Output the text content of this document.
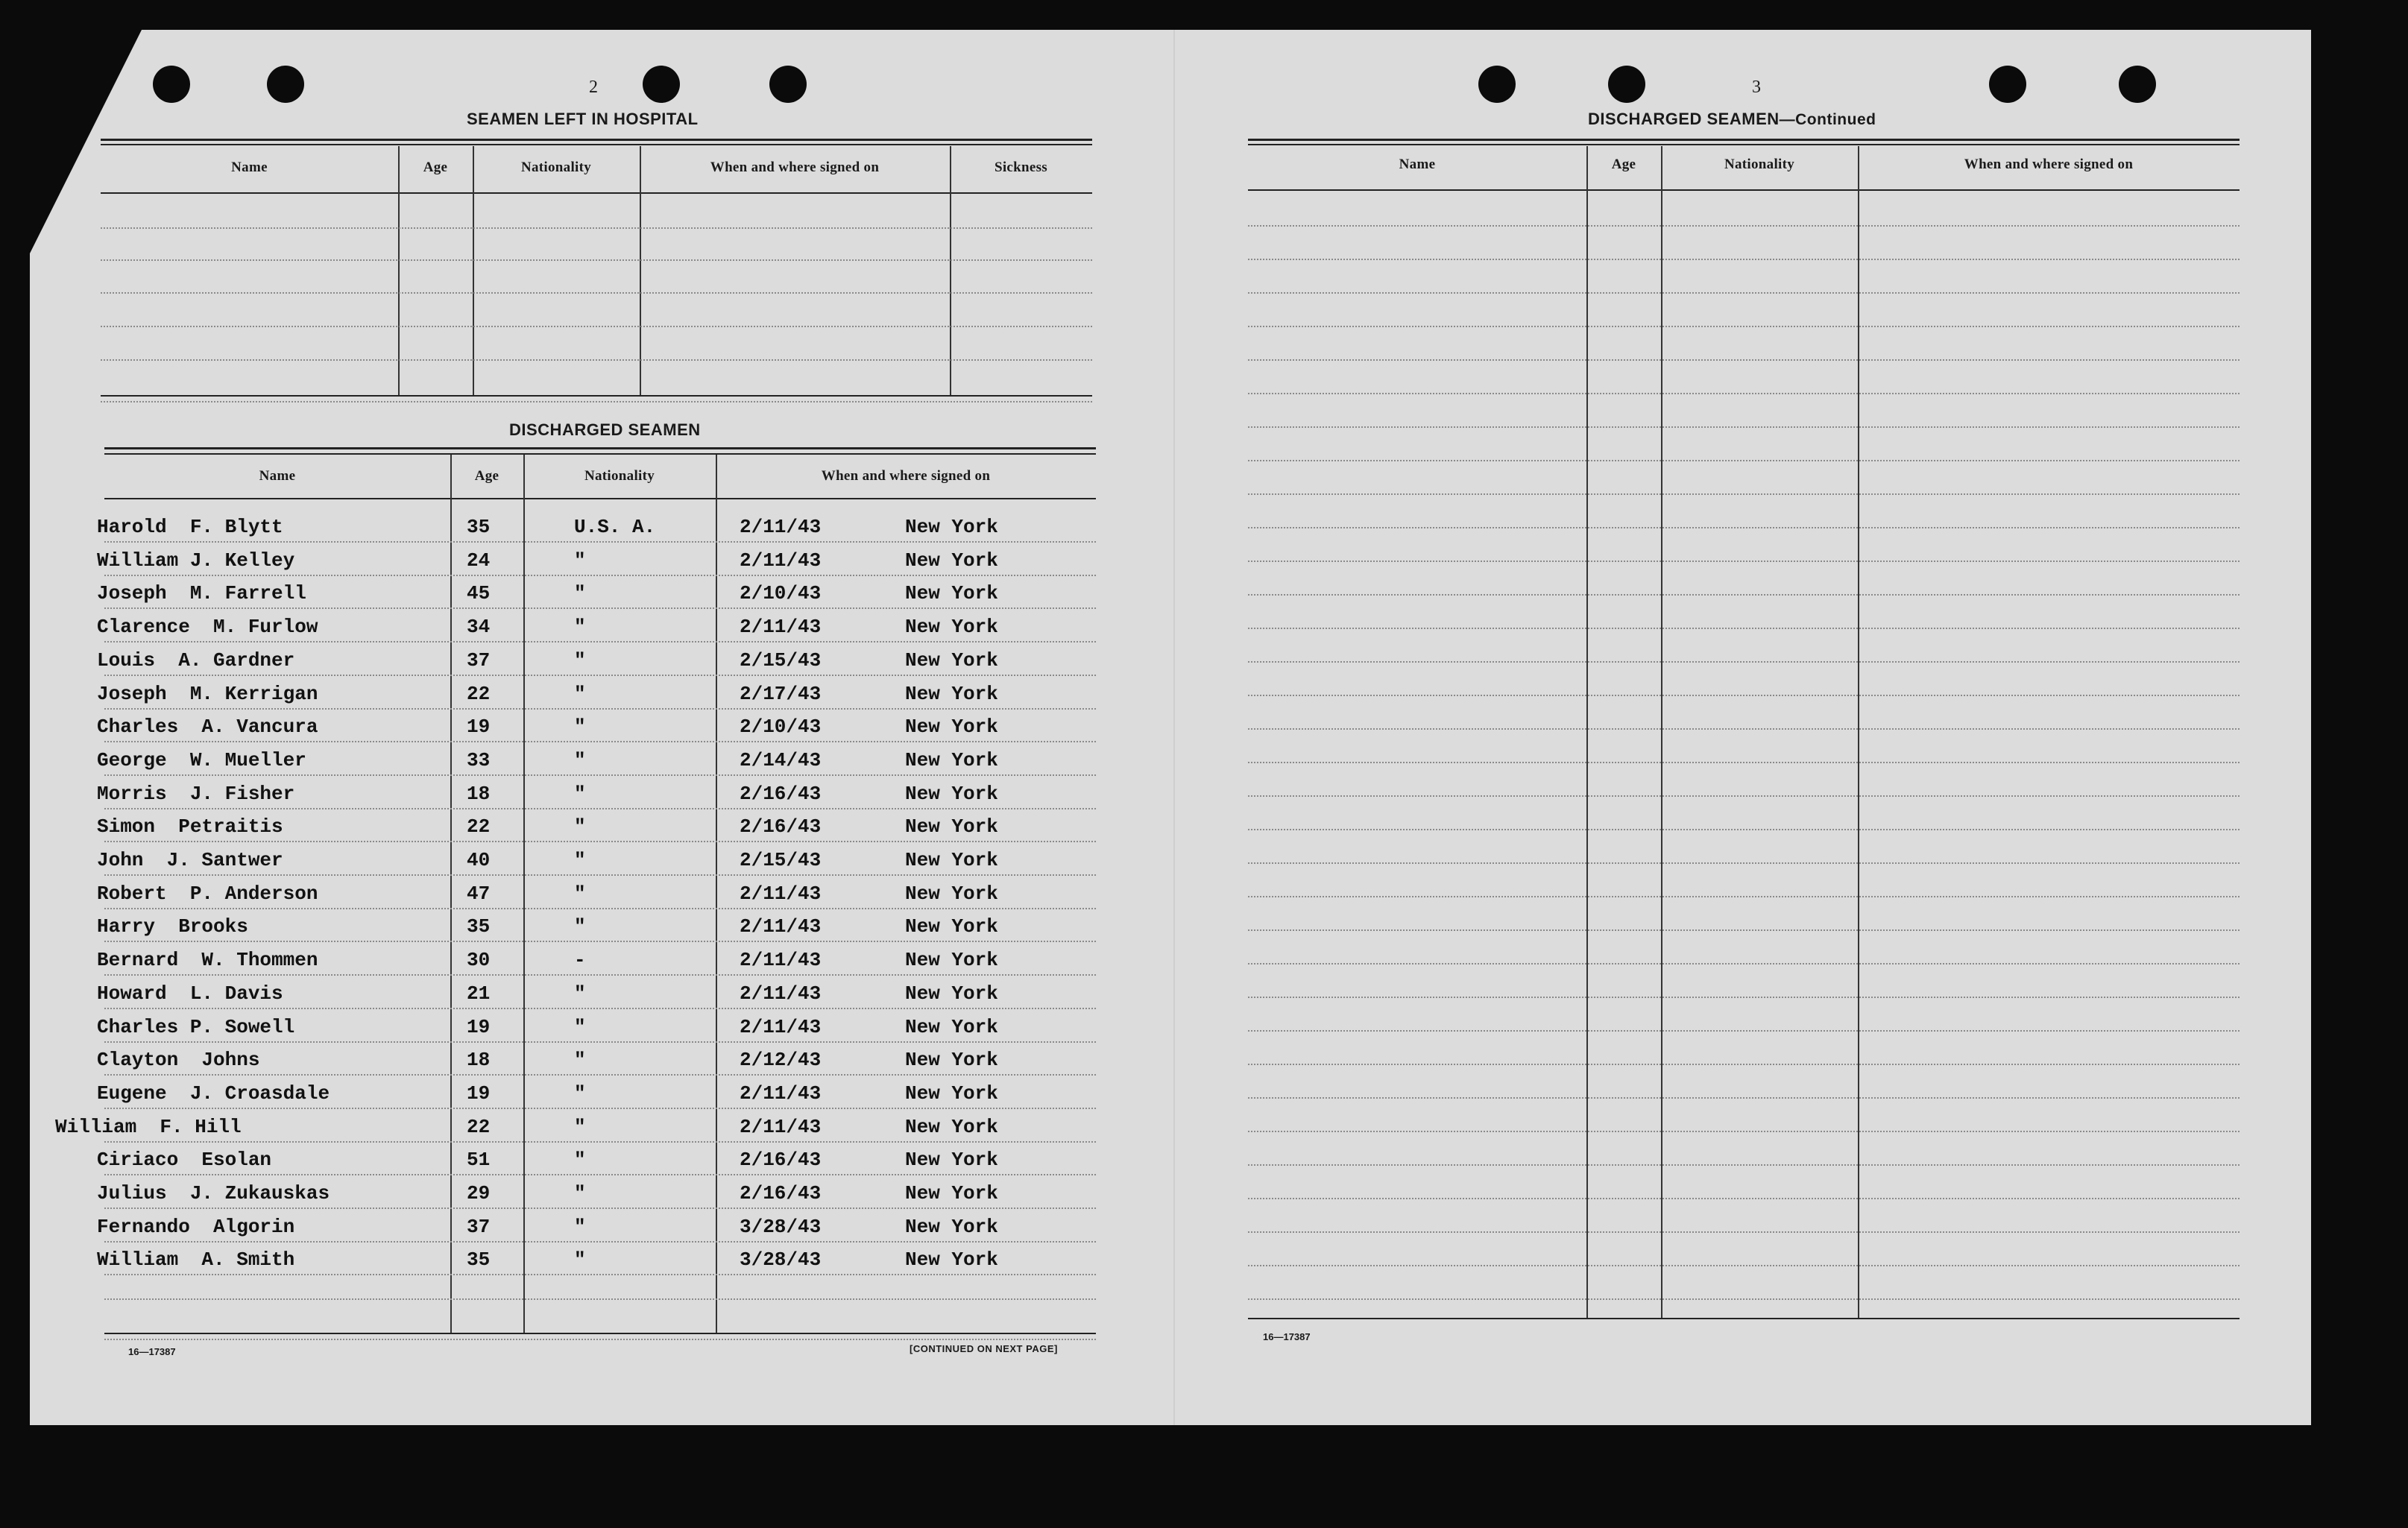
2
SEAMEN LEFT IN HOSPITAL
Name	Age	Nationality	When and where signed on	Sickness
DISCHARGED SEAMEN
Name	Age	Nationality	When and where signed on
Harold  F. Blytt	35	U.S. A.	2/11/43	New York
William J. Kelley	24	"	2/11/43	New York
Joseph  M. Farrell	45	"	2/10/43	New York
Clarence  M. Furlow	34	"	2/11/43	New York
Louis  A. Gardner	37	"	2/15/43	New York
Joseph  M. Kerrigan	22	"	2/17/43	New York
Charles  A. Vancura	19	"	2/10/43	New York
George  W. Mueller	33	"	2/14/43	New York
Morris  J. Fisher	18	"	2/16/43	New York
Simon  Petraitis	22	"	2/16/43	New York
John  J. Santwer	40	"	2/15/43	New York
Robert  P. Anderson	47	"	2/11/43	New York
Harry  Brooks	35	"	2/11/43	New York
Bernard  W. Thommen	30	-	2/11/43	New York
Howard  L. Davis	21	"	2/11/43	New York
Charles P. Sowell	19	"	2/11/43	New York
Clayton  Johns	18	"	2/12/43	New York
Eugene  J. Croasdale	19	"	2/11/43	New York
William  F. Hill	22	"	2/11/43	New York
Ciriaco  Esolan	51	"	2/16/43	New York
Julius  J. Zukauskas	29	"	2/16/43	New York
Fernando  Algorin	37	"	3/28/43	New York
William  A. Smith	35	"	3/28/43	New York
16—17387	[CONTINUED ON NEXT PAGE]
3
DISCHARGED SEAMEN—Continued
Name	Age	Nationality	When and where signed on
16—17387
